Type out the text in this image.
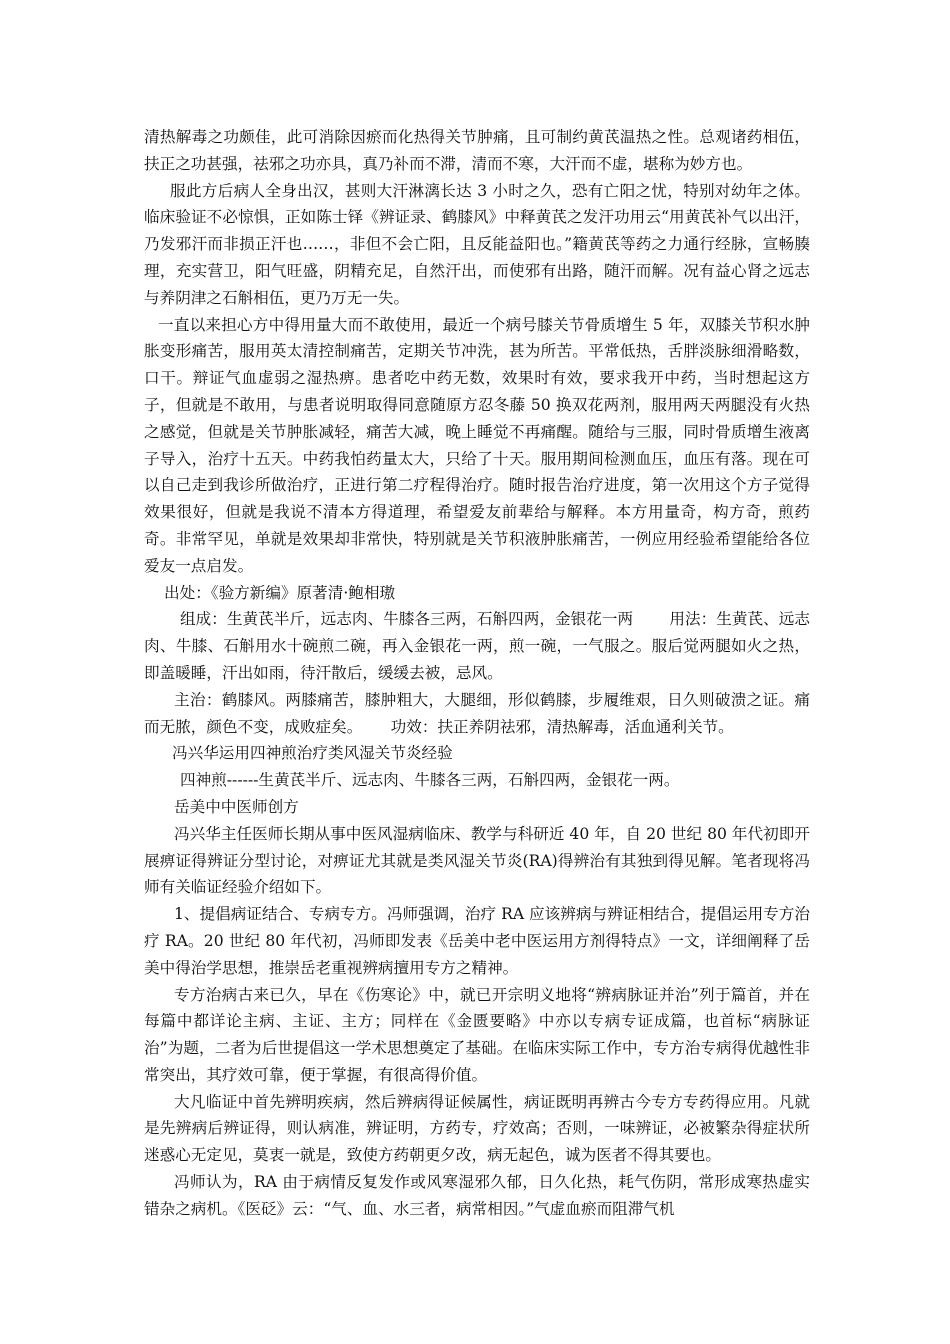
清热解毒之功颇佳，此可消除因瘀而化热得关节肿痛，且可制约黄芪温热之性。总观诸药相伍，扶正之功甚强，祛邪之功亦具，真乃补而不滞，清而不寒，大汗而不虚，堪称为妙方也。

服此方后病人全身出汉，甚则大汗淋漓长达 3 小时之久，恐有亡阳之忧，特别对幼年之体。临床验证不必惊惧，正如陈士铎《辨证录、鹤膝风》中释黄芪之发汗功用云“用黄芪补气以出汗，乃发邪汗而非损正汗也……，非但不会亡阳，且反能益阳也。”籍黄芪等药之力通行经脉，宣畅腠理，充实营卫，阳气旺盛，阴精充足，自然汗出，而使邪有出路，随汗而解。况有益心肾之远志与养阴津之石斛相伍，更乃万无一失。

一直以来担心方中得用量大而不敢使用，最近一个病号膝关节骨质增生 5 年，双膝关节积水肿胀变形痛苦，服用英太清控制痛苦，定期关节冲洗，甚为所苦。平常低热，舌胖淡脉细滑略数，口干。辩证气血虚弱之湿热痹。患者吃中药无数，效果时有效，要求我开中药，当时想起这方子，但就是不敢用，与患者说明取得同意随原方忍冬藤 50 换双花两剂，服用两天两腿没有火热之感觉，但就是关节肿胀减轻，痛苦大减，晚上睡觉不再痛醒。随给与三服，同时骨质增生液离子导入，治疗十五天。中药我怕药量太大，只给了十天。服用期间检测血压，血压有落。现在可以自己走到我诊所做治疗，正进行第二疗程得治疗。随时报告治疗进度，第一次用这个方子觉得效果很好，但就是我说不清本方得道理，希望爱友前辈给与解释。本方用量奇，构方奇，煎药奇。非常罕见，单就是效果却非常快，特别就是关节积液肿胀痛苦，一例应用经验希望能给各位爱友一点启发。

出处：《验方新编》原著清·鲍相璈

组成：生黄芪半斤，远志肉、牛膝各三两，石斛四两，金银花一两　　 用法：生黄芪、远志肉、牛膝、石斛用水十碗煎二碗，再入金银花一两，煎一碗，一气服之。服后觉两腿如火之热，即盖暖睡，汗出如雨，待汗散后，缓缓去被，忌风。

主治：鹤膝风。两膝痛苦，膝肿粗大，大腿细，形似鹤膝，步履维艰，日久则破溃之证。痛而无脓，颜色不变，成败症矣。　　 功效：扶正养阴祛邪，清热解毒，活血通利关节。

冯兴华运用四神煎治疗类风湿关节炎经验

四神煎------生黄芪半斤、远志肉、牛膝各三两，石斛四两，金银花一两。

岳美中中医师创方

冯兴华主任医师长期从事中医风湿病临床、教学与科研近 40 年，自 20 世纪 80 年代初即开展痹证得辨证分型讨论，对痹证尤其就是类风湿关节炎(RA)得辨治有其独到得见解。笔者现将冯师有关临证经验介绍如下。

1、提倡病证结合、专病专方。冯师强调，治疗 RA 应该辨病与辨证相结合，提倡运用专方治疗 RA。20 世纪 80 年代初，冯师即发表《岳美中老中医运用方剂得特点》一文，详细阐释了岳美中得治学思想，推崇岳老重视辨病擅用专方之精神。

专方治病古来已久，早在《伤寒论》中，就已开宗明义地将“辨病脉证并治”列于篇首，并在每篇中都详论主病、主证、主方；同样在《金匮要略》中亦以专病专证成篇，也首标“病脉证治”为题，二者为后世提倡这一学术思想奠定了基础。在临床实际工作中，专方治专病得优越性非常突出，其疗效可靠，便于掌握，有很高得价值。

大凡临证中首先辨明疾病，然后辨病得证候属性，病证既明再辨古今专方专药得应用。凡就是先辨病后辨证得，则认病准，辨证明，方药专，疗效高；否则，一味辨证，必被繁杂得症状所迷惑心无定见，莫衷一就是，致使方药朝更夕改，病无起色，诚为医者不得其要也。

冯师认为，RA 由于病情反复发作或风寒湿邪久郁，日久化热，耗气伤阴，常形成寒热虚实错杂之病机。《医砭》云：“气、血、水三者，病常相因。”气虚血瘀而阻滞气机
